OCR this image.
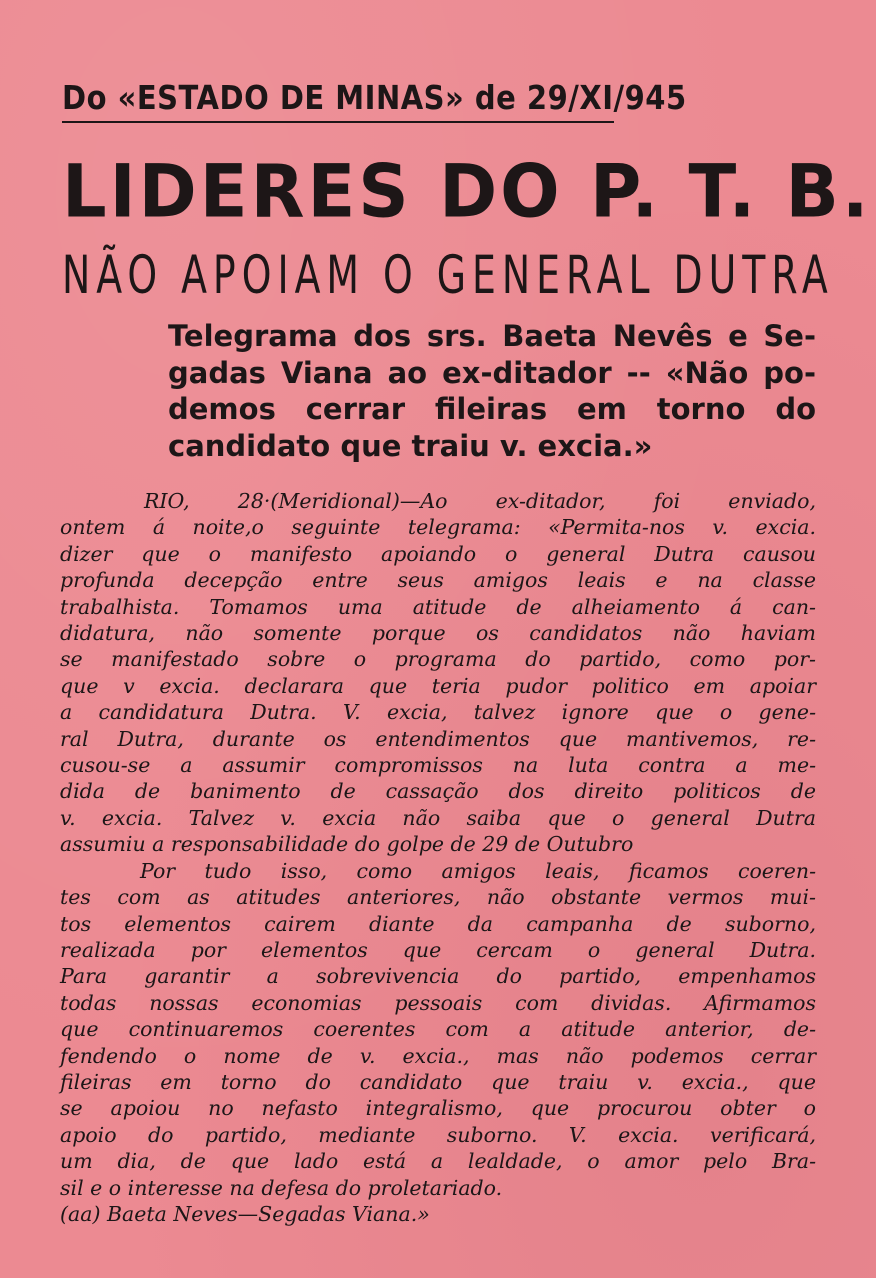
Do «ESTADO DE MINAS» de 29/XI/945
LIDERES DO P. T. B.
NÃO APOIAM O GENERAL DUTRA
Telegrama dos srs. Baeta Nevês e Se-
gadas Viana ao ex-ditador -- «Não po-
demos cerrar fileiras em torno do
candidato que traiu v. excia.»
RIO, 28·(Meridional)—Ao ex-ditador, foi enviado,
ontem á noite,o seguinte telegrama: «Permita-nos v. excia.
dizer que o manifesto apoiando o general Dutra causou
profunda decepção entre seus amigos leais e na classe
trabalhista. Tomamos uma atitude de alheiamento á can-
didatura, não somente porque os candidatos não haviam
se manifestado sobre o programa do partido, como por-
que v excia. declarara que teria pudor politico em apoiar
a candidatura Dutra. V. excia, talvez ignore que o gene-
ral Dutra, durante os entendimentos que mantivemos, re-
cusou-se a assumir compromissos na luta contra a me-
dida de banimento de cassação dos direito politicos de
v. excia. Talvez v. excia não saiba que o general Dutra
assumiu a responsabilidade do golpe de 29 de Outubro
Por tudo isso, como amigos leais, ficamos coeren-
tes com as atitudes anteriores, não obstante vermos mui-
tos elementos cairem diante da campanha de suborno,
realizada por elementos que cercam o general Dutra.
Para garantir a sobrevivencia do partido, empenhamos
todas nossas economias pessoais com dividas. Afirmamos
que continuaremos coerentes com a atitude anterior, de-
fendendo o nome de v. excia., mas não podemos cerrar
fileiras em torno do candidato que traiu v. excia., que
se apoiou no nefasto integralismo, que procurou obter o
apoio do partido, mediante suborno. V. excia. verificará,
um dia, de que lado está a lealdade, o amor pelo Bra-
sil e o interesse na defesa do proletariado.
(aa) Baeta Neves—Segadas Viana.»
